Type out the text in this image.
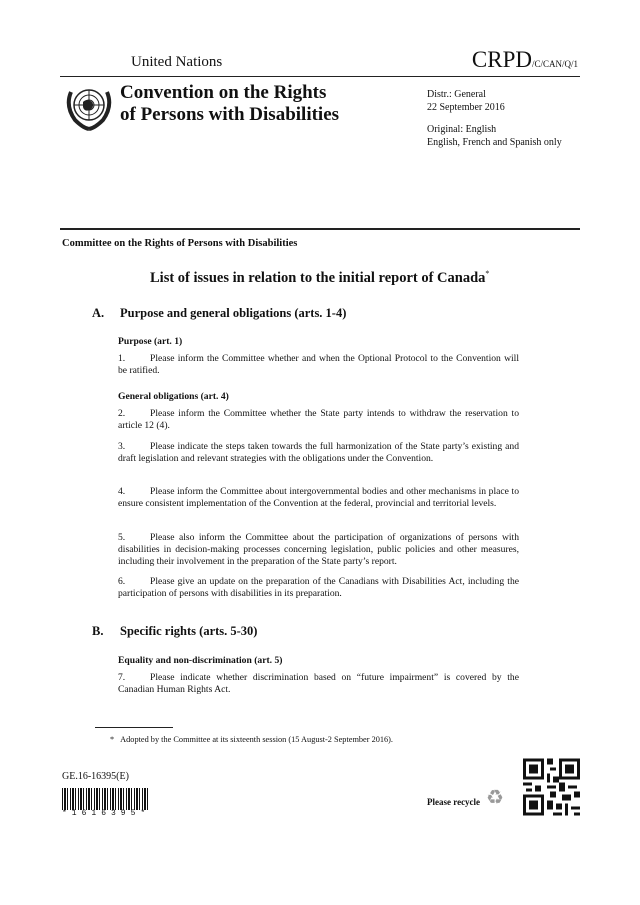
United Nations	CRPD/C/CAN/Q/1
Convention on the Rights
of Persons with Disabilities
Distr.: General
22 September 2016
Original: English
English, French and Spanish only
Committee on the Rights of Persons with Disabilities
List of issues in relation to the initial report of Canada*
A. Purpose and general obligations (arts. 1-4)
Purpose (art. 1)
1.	Please inform the Committee whether and when the Optional Protocol to the Convention will be ratified.
General obligations (art. 4)
2.	Please inform the Committee whether the State party intends to withdraw the reservation to article 12 (4).
3.	Please indicate the steps taken towards the full harmonization of the State party’s existing and draft legislation and relevant strategies with the obligations under the Convention.
4.	Please inform the Committee about intergovernmental bodies and other mechanisms in place to ensure consistent implementation of the Convention at the federal, provincial and territorial levels.
5.	Please also inform the Committee about the participation of organizations of persons with disabilities in decision-making processes concerning legislation, public policies and other measures, including their involvement in the preparation of the State party’s report.
6.	Please give an update on the preparation of the Canadians with Disabilities Act, including the participation of persons with disabilities in its preparation.
B. Specific rights (arts. 5-30)
Equality and non-discrimination (art. 5)
7.	Please indicate whether discrimination based on “future impairment” is covered by the Canadian Human Rights Act.
* Adopted by the Committee at its sixteenth session (15 August-2 September 2016).
GE.16-16395(E)
*1616395*
Please recycle ♻
